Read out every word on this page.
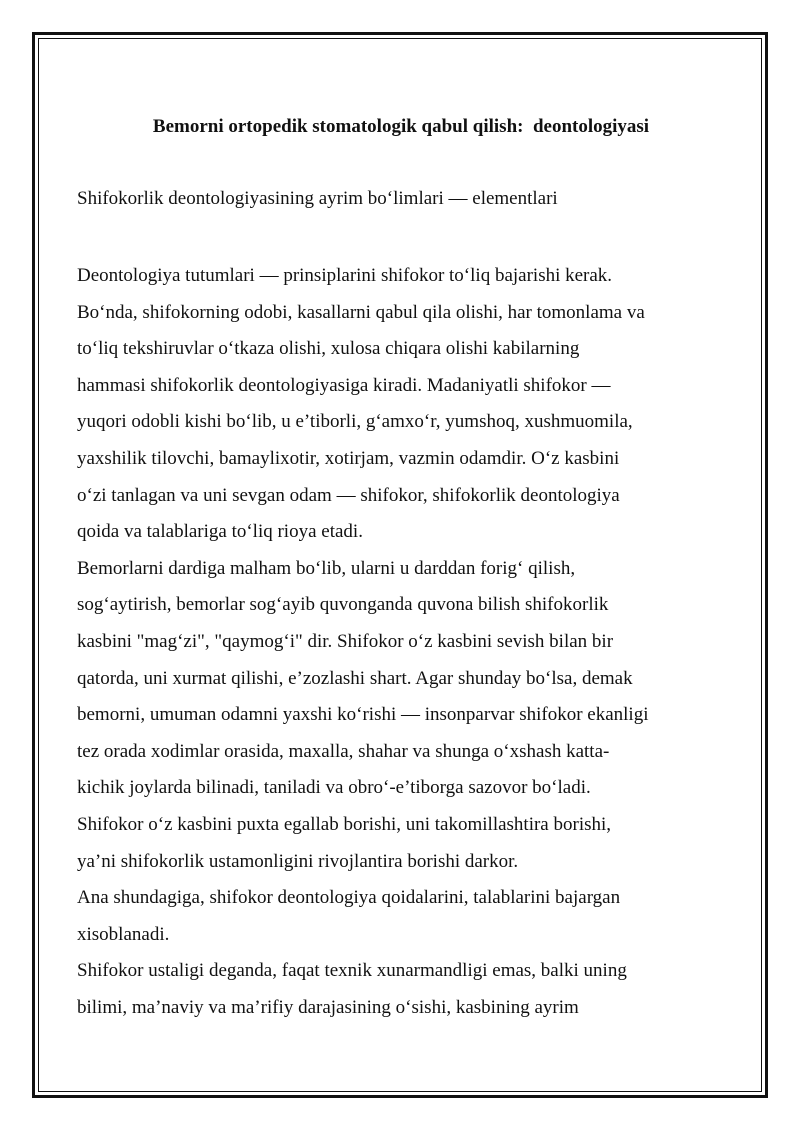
Bemorni ortopedik stomatologik qabul qilish:  deontologiyasi

Shifokorlik deontologiyasining ayrim bo‘limlari — elementlari

Deontologiya tutumlari — prinsiplarini shifokor to‘liq bajarishi kerak.
Bo‘nda, shifokorning odobi, kasallarni qabul qila olishi, har tomonlama va
to‘liq tekshiruvlar o‘tkaza olishi, xulosa chiqara olishi kabilarning
hammasi shifokorlik deontologiyasiga kiradi. Madaniyatli shifokor —
yuqori odobli kishi bo‘lib, u e’tiborli, g‘amxo‘r, yumshoq, xushmuomila,
yaxshilik tilovchi, bamaylixotir, xotirjam, vazmin odamdir. O‘z kasbini
o‘zi tanlagan va uni sevgan odam — shifokor, shifokorlik deontologiya
qoida va talablariga to‘liq rioya etadi.
Bemorlarni dardiga malham bo‘lib, ularni u darddan forig‘ qilish,
sog‘aytirish, bemorlar sog‘ayib quvonganda quvona bilish shifokorlik
kasbini "mag‘zi", "qaymog‘i" dir. Shifokor o‘z kasbini sevish bilan bir
qatorda, uni xurmat qilishi, e’zozlashi shart. Agar shunday bo‘lsa, demak
bemorni, umuman odamni yaxshi ko‘rishi — insonparvar shifokor ekanligi
tez orada xodimlar orasida, maxalla, shahar va shunga o‘xshash katta-
kichik joylarda bilinadi, taniladi va obro‘-e’tiborga sazovor bo‘ladi.
Shifokor o‘z kasbini puxta egallab borishi, uni takomillashtira borishi,
ya’ni shifokorlik ustamonligini rivojlantira borishi darkor.
Ana shundagiga, shifokor deontologiya qoidalarini, talablarini bajargan
xisoblanadi.
Shifokor ustaligi deganda, faqat texnik xunarmandligi emas, balki uning
bilimi, ma’naviy va ma’rifiy darajasining o‘sishi, kasbining ayrim
